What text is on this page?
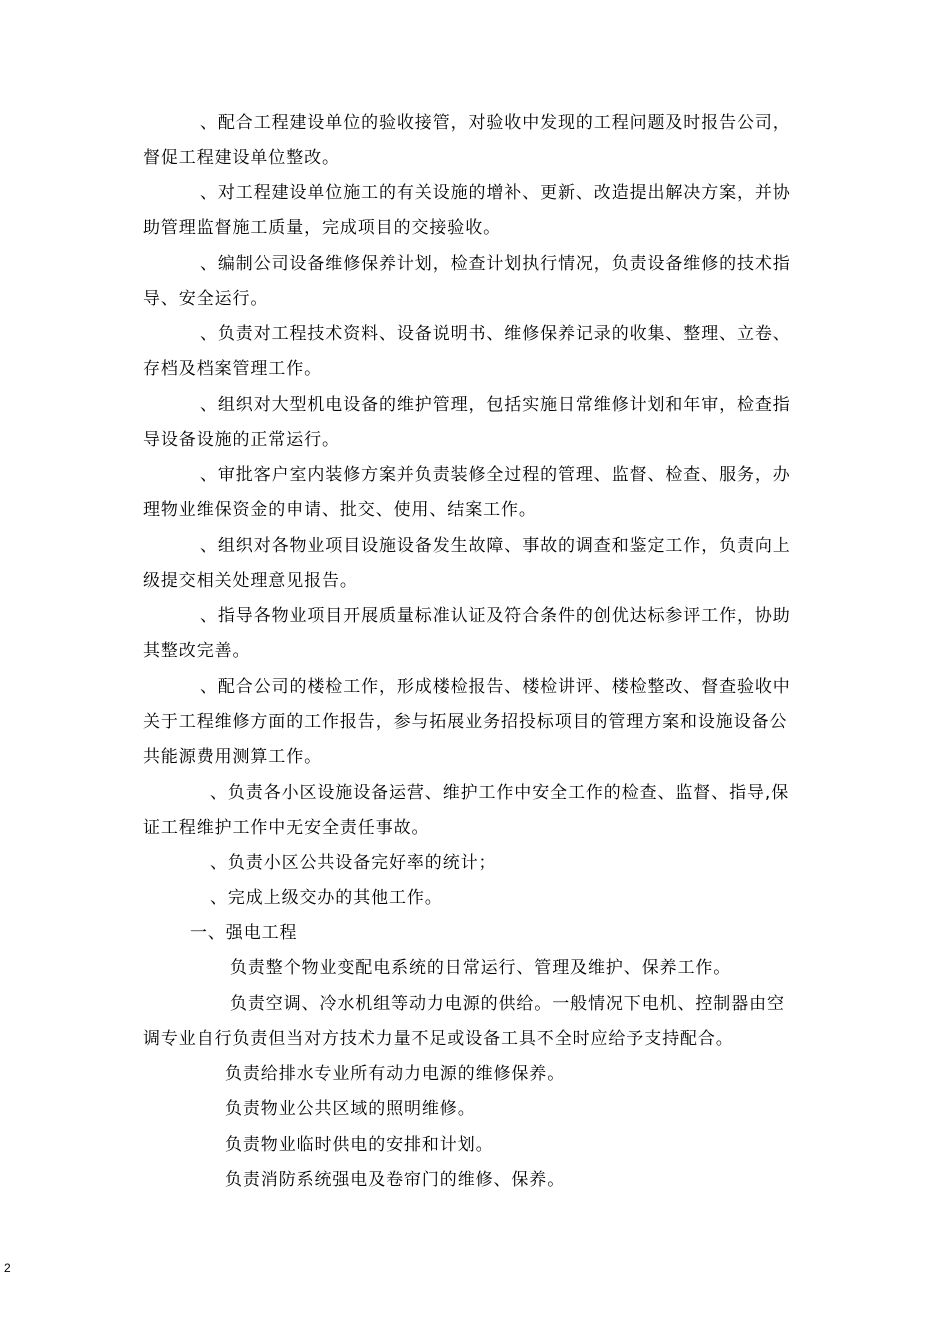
、配合工程建设单位的验收接管，对验收中发现的工程问题及时报告公司，
督促工程建设单位整改。
、对工程建设单位施工的有关设施的增补、更新、改造提出解决方案，并协
助管理监督施工质量，完成项目的交接验收。
、编制公司设备维修保养计划，检查计划执行情况，负责设备维修的技术指
导、安全运行。
、负责对工程技术资料、设备说明书、维修保养记录的收集、整理、立卷、
存档及档案管理工作。
、组织对大型机电设备的维护管理，包括实施日常维修计划和年审，检查指
导设备设施的正常运行。
、审批客户室内装修方案并负责装修全过程的管理、监督、检查、服务，办
理物业维保资金的申请、批交、使用、结案工作。
、组织对各物业项目设施设备发生故障、事故的调查和鉴定工作，负责向上
级提交相关处理意见报告。
、指导各物业项目开展质量标准认证及符合条件的创优达标参评工作，协助
其整改完善。
、配合公司的楼检工作，形成楼检报告、楼检讲评、楼检整改、督查验收中
关于工程维修方面的工作报告，参与拓展业务招投标项目的管理方案和设施设备公
共能源费用测算工作。
、负责各小区设施设备运营、维护工作中安全工作的检查、监督、指导,保
证工程维护工作中无安全责任事故。
、负责小区公共设备完好率的统计；
、完成上级交办的其他工作。
一、强电工程
负责整个物业变配电系统的日常运行、管理及维护、保养工作。
负责空调、冷水机组等动力电源的供给。一般情况下电机、控制器由空
调专业自行负责但当对方技术力量不足或设备工具不全时应给予支持配合。
负责给排水专业所有动力电源的维修保养。
负责物业公共区域的照明维修。
负责物业临时供电的安排和计划。
负责消防系统强电及卷帘门的维修、保养。
2
